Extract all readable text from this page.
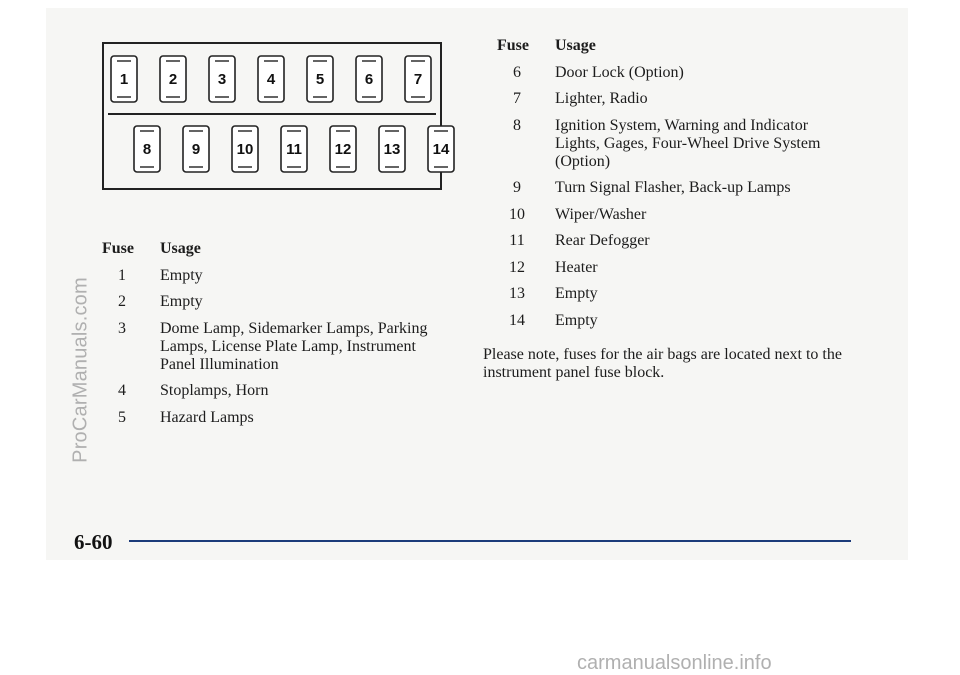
ProCarManuals.com
1	2	3	4	5	6	7
8	9 10 11 12 13 14
Fuse Usage
1	Empty
2	Empty
3	Dome Lamp, Sidemarker Lamps, Parking
Lamps, License Plate Lamp, Instrument
Panel Illumination
4	Stoplamps, Horn
5	Hazard Lamps
Fuse Usage
6	Door Lock (Option)
7	Lighter, Radio
8	Ignition System, Warning and Indicator
Lights, Gages, Four-Wheel Drive System
(Option)
9	Turn Signal Flasher, Back-up Lamps
10	Wiper/Washer
11	Rear Defogger
12	Heater
13	Empty
14	Empty
Please note, fuses for the air bags are located next to the
instrument panel fuse block.
6-60
carmanualsonline.info
